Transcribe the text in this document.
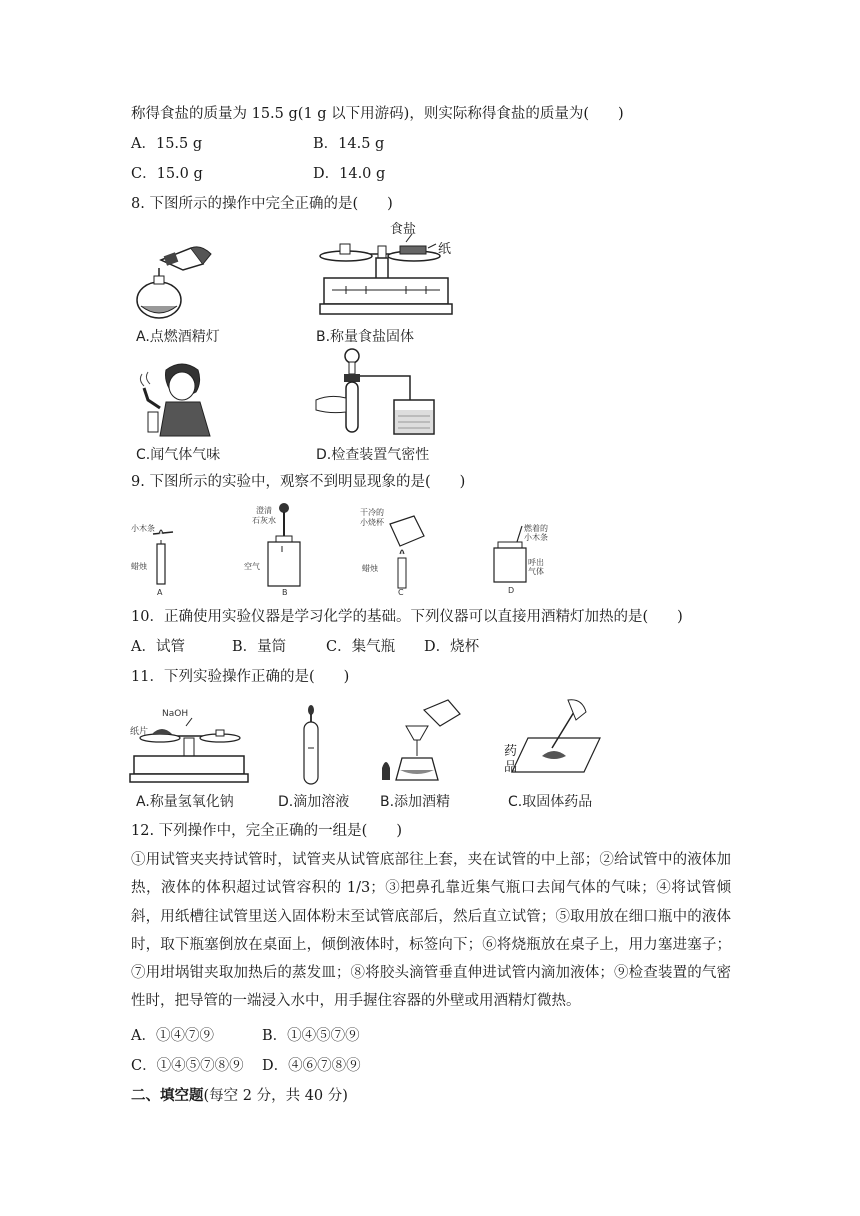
称得食盐的质量为 15.5 g(1 g 以下用游码)，则实际称得食盐的质量为(　　)
A．15.5 g	B．14.5 g
C．15.0 g	D．14.0 g
8. 下图所示的操作中完全正确的是(　　)
A.点燃酒精灯
食盐
纸
B.称量食盐固体
C.闻气体气味	D.检查装置气密性
9. 下图所示的实验中，观察不到明显现象的是(　　)
小木条
蜡烛
A
澄清
石灰水
空气
B
干冷的
小烧杯
蜡烛
C
燃着的
小木条
呼出
气体
D
10．正确使用实验仪器是学习化学的基础。下列仪器可以直接用酒精灯加热的是(　　)
A．试管	B．量筒	C．集气瓶 D．烧杯
11．下列实验操作正确的是(　　)
NaOH
纸片
A.称量氢氧化钠	D.滴加溶液 B.添加酒精
药
品
C.取固体药品
12. 下列操作中，完全正确的一组是(　　)
①用试管夹夹持试管时，试管夹从试管底部往上套，夹在试管的中上部；②给试管中的液体加热，液体的体积超过试管容积的 1/3；③把鼻孔靠近集气瓶口去闻气体的气味；④将试管倾斜，用纸槽往试管里送入固体粉末至试管底部后，然后直立试管；⑤取用放在细口瓶中的液体时，取下瓶塞倒放在桌面上，倾倒液体时，标签向下；⑥将烧瓶放在桌子上，用力塞进塞子；⑦用坩埚钳夹取加热后的蒸发皿；⑧将胶头滴管垂直伸进试管内滴加液体；⑨检查装置的气密性时，把导管的一端浸入水中，用手握住容器的外壁或用酒精灯微热。
A．①④⑦⑨	B．①④⑤⑦⑨
C．①④⑤⑦⑧⑨ D．④⑥⑦⑧⑨
二、填空题(每空 2 分，共 40 分)
